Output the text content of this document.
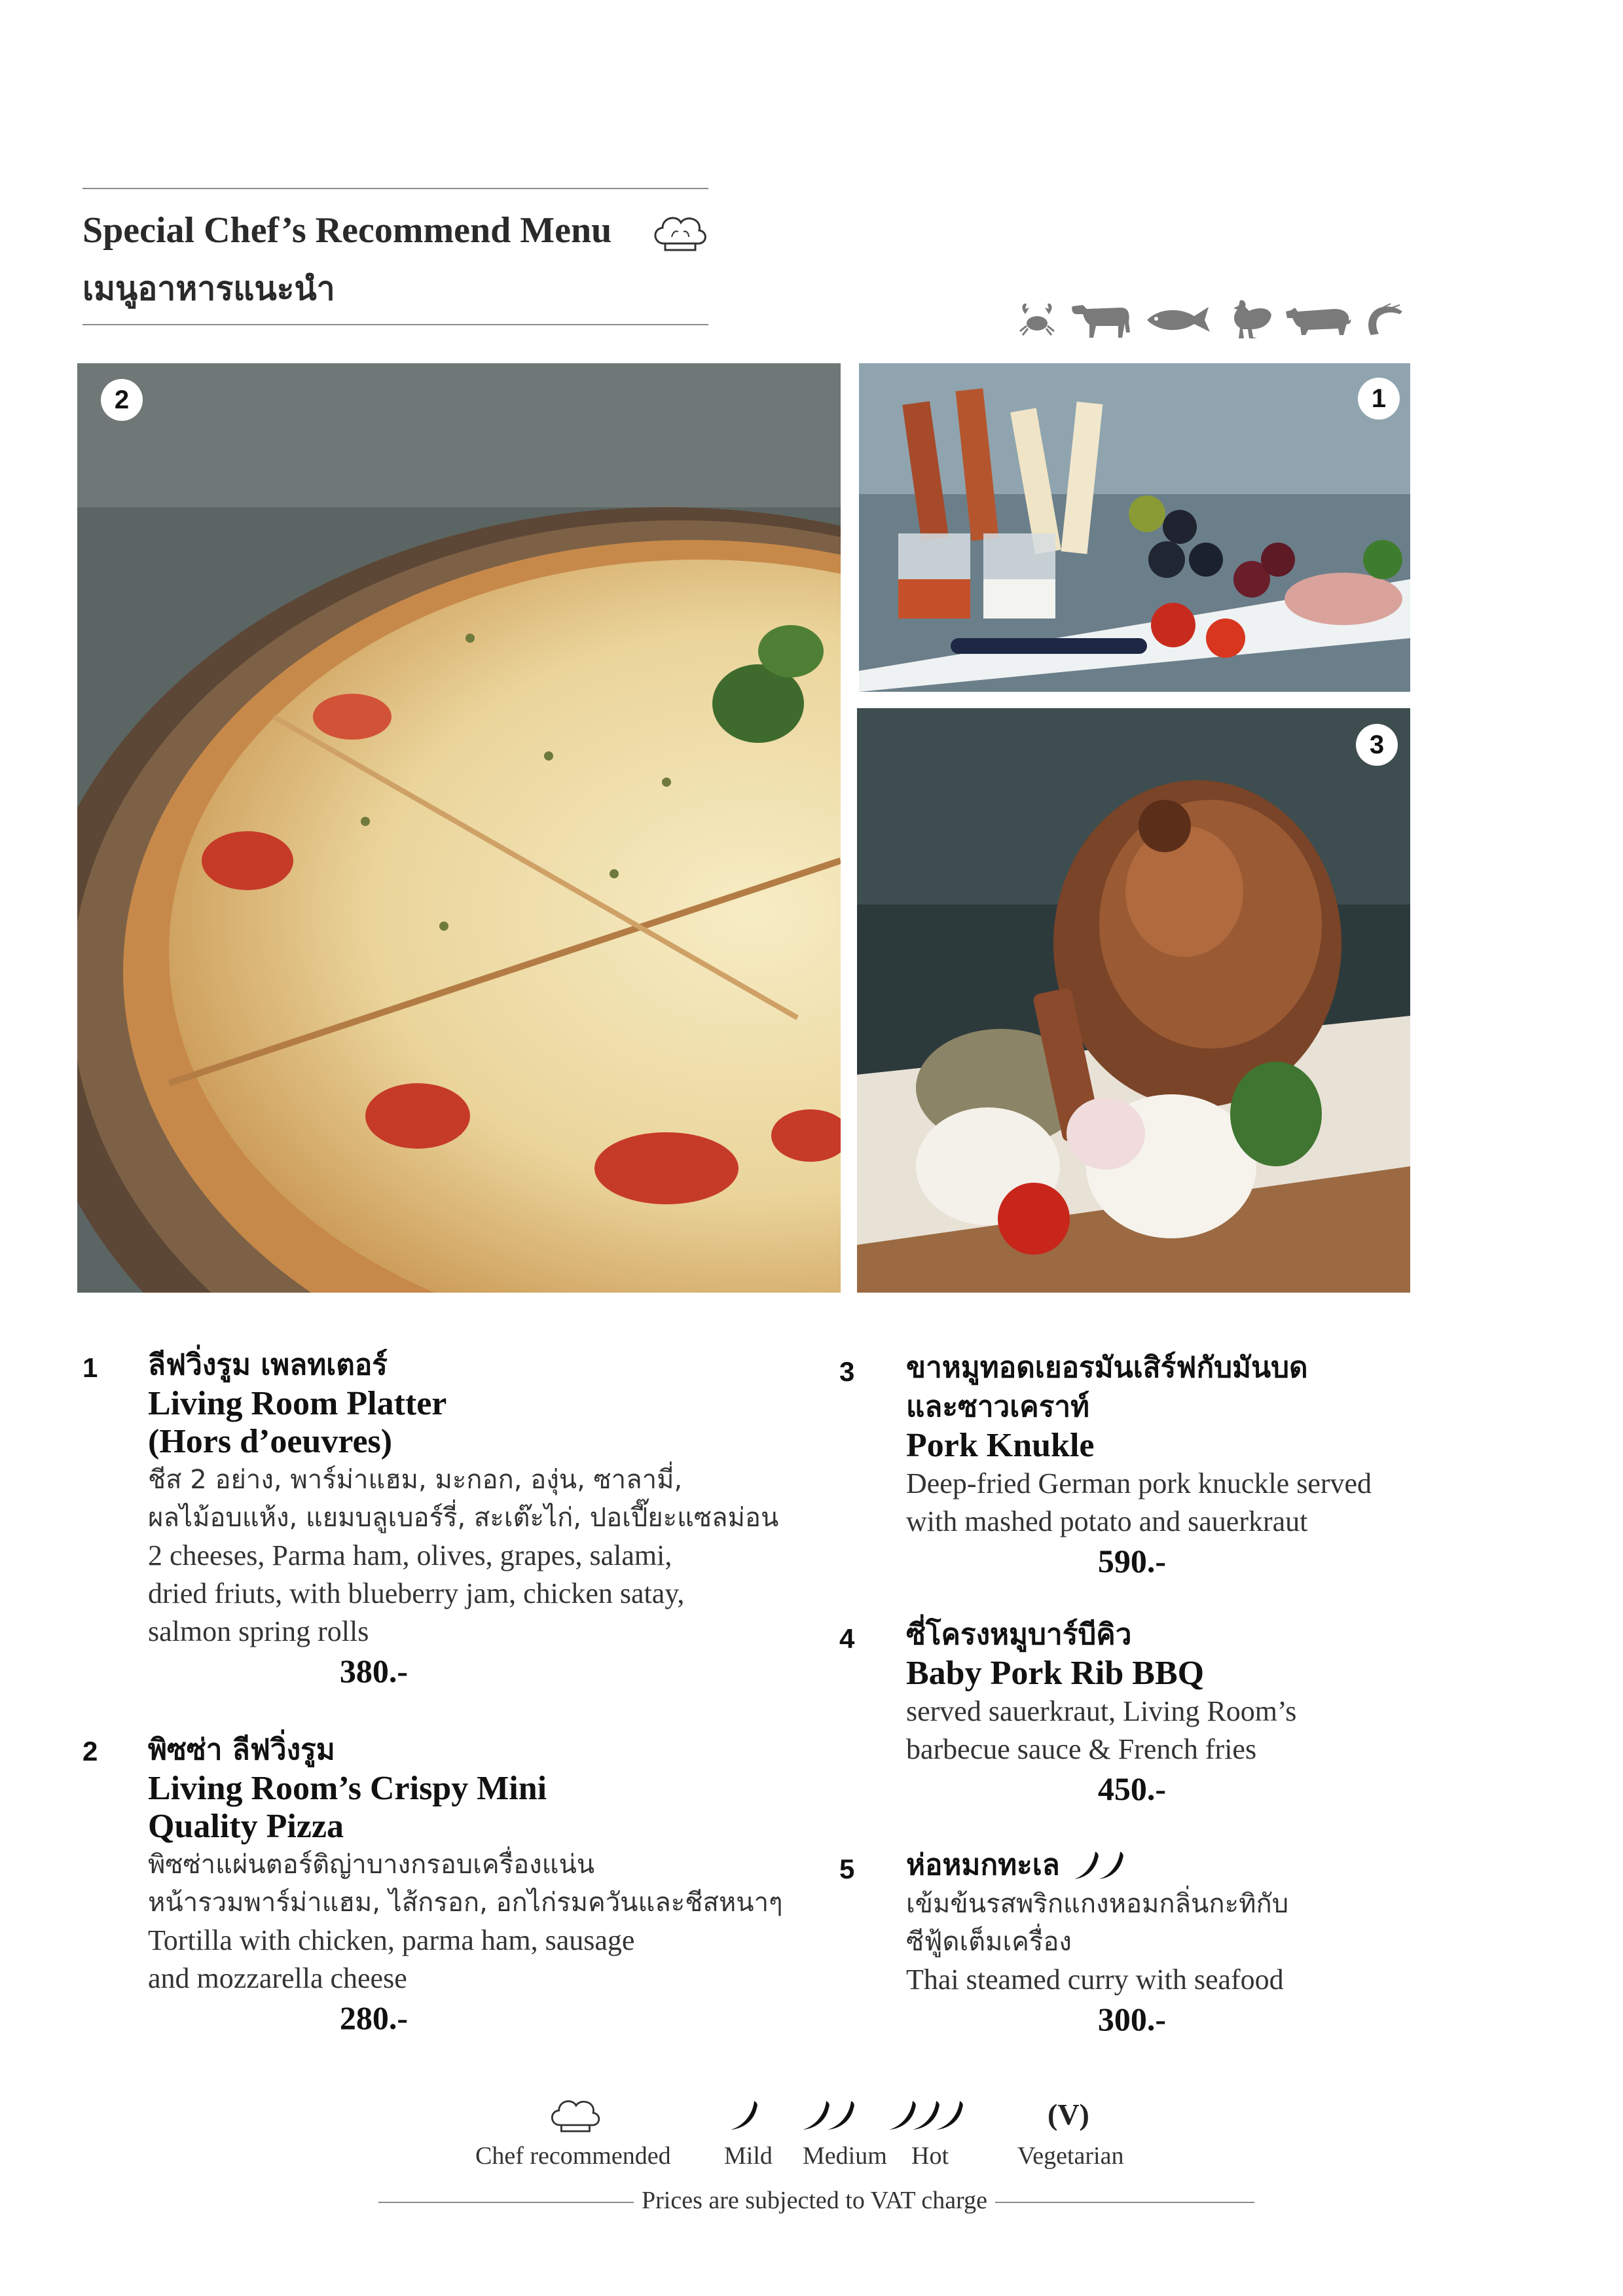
Special Chef’s Recommend Menu
เมนูอาหารแนะนำ
2	1
3
1 ลีฟวิ่งรูม เพลทเตอร์
Living Room Platter
(Hors d’oeuvres)
ชีส 2 อย่าง, พาร์ม่าแฮม, มะกอก, องุ่น, ซาลามี่,
ผลไม้อบแห้ง, แยมบลูเบอร์รี่, สะเต๊ะไก่, ปอเปี๊ยะแซลม่อน
2 cheeses, Parma ham, olives, grapes, salami,
dried friuts, with blueberry jam, chicken satay,
salmon spring rolls
380.-
2 พิซซ่า ลีฟวิ่งรูม
Living Room’s Crispy Mini
Quality Pizza
พิซซ่าแผ่นตอร์ติญ่าบางกรอบเครื่องแน่น
หน้ารวมพาร์ม่าแฮม, ไส้กรอก, อกไก่รมควันและชีสหนาๆ
Tortilla with chicken, parma ham, sausage
and mozzarella cheese
280.-
3 ขาหมูทอดเยอรมันเสิร์ฟกับมันบด
และซาวเคราท์
Pork Knukle
Deep-fried German pork knuckle served
with mashed potato and sauerkraut
590.-
4 ซี่โครงหมูบาร์บีคิว
Baby Pork Rib BBQ
served sauerkraut, Living Room’s
barbecue sauce & French fries
450.-
5 ห่อหมกทะเล
เข้มข้นรสพริกแกงหอมกลิ่นกะทิกับ
ซีฟู้ดเต็มเครื่อง
Thai steamed curry with seafood
300.-
Chef recommended Mild Medium Hot
(V)
Vegetarian
Prices are subjected to VAT charge
